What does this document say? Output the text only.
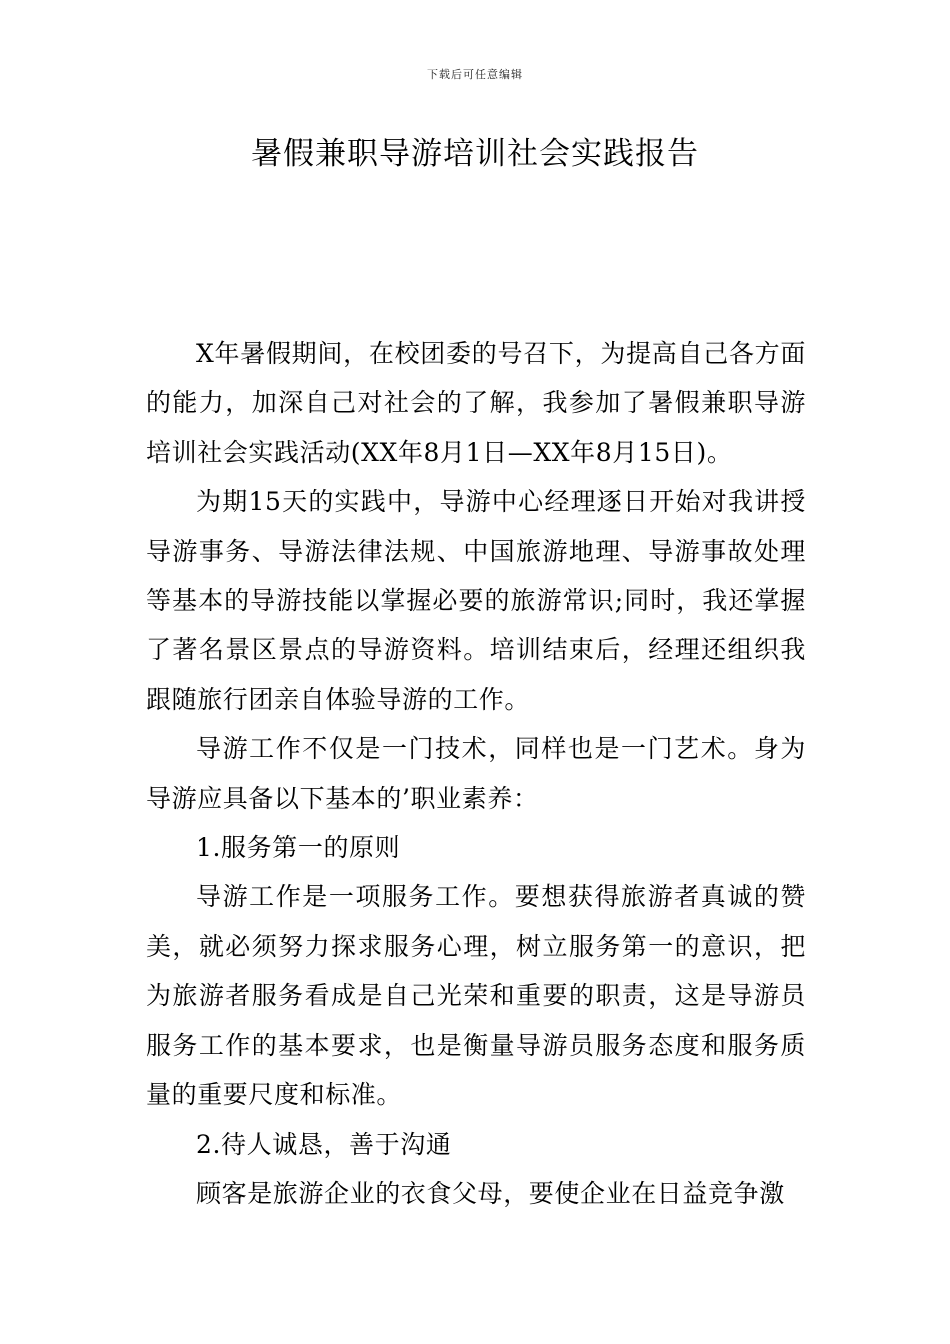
下载后可任意编辑
暑假兼职导游培训社会实践报告

X年暑假期间，在校团委的号召下，为提高自己各方面的能力，加深自己对社会的了解，我参加了暑假兼职导游培训社会实践活动(XX年8月1日—XX年8月15日)。

为期15天的实践中，导游中心经理逐日开始对我讲授导游事务、导游法律法规、中国旅游地理、导游事故处理等基本的导游技能以掌握必要的旅游常识;同时，我还掌握了著名景区景点的导游资料。培训结束后，经理还组织我跟随旅行团亲自体验导游的工作。

导游工作不仅是一门技术，同样也是一门艺术。身为导游应具备以下基本的’职业素养：

1.服务第一的原则

导游工作是一项服务工作。要想获得旅游者真诚的赞美，就必须努力探求服务心理，树立服务第一的意识，把为旅游者服务看成是自己光荣和重要的职责，这是导游员服务工作的基本要求，也是衡量导游员服务态度和服务质量的重要尺度和标准。

2.待人诚恳，善于沟通

顾客是旅游企业的衣食父母，要使企业在日益竞争激
